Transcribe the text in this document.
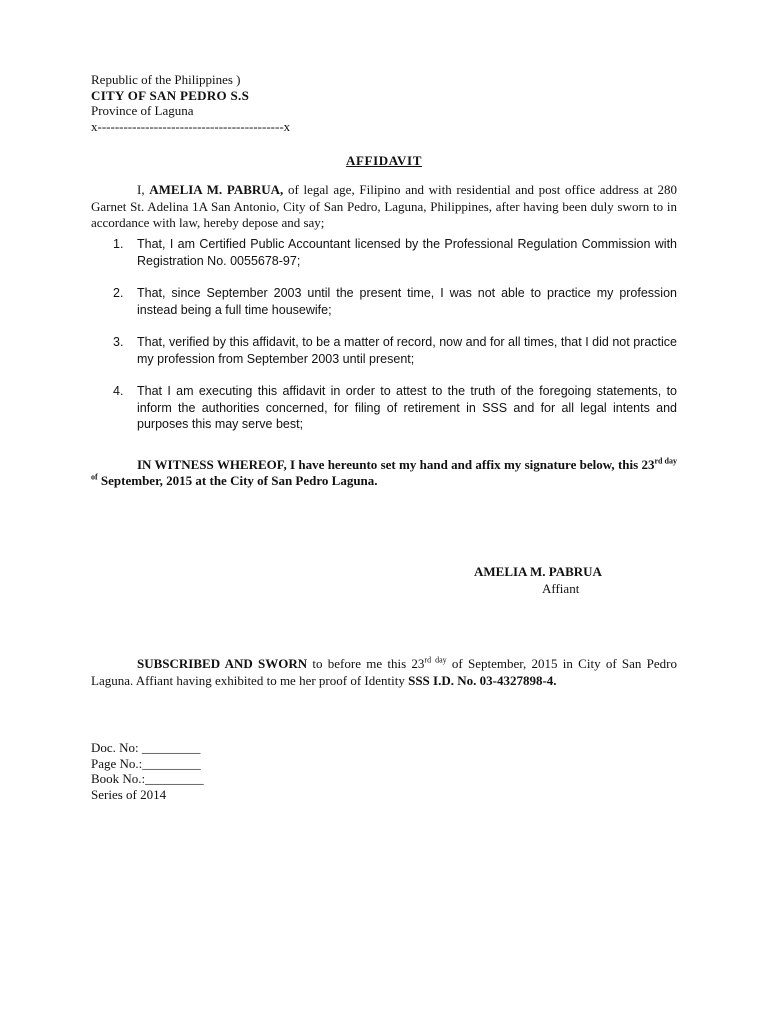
Republic of the Philippines )
CITY OF SAN PEDRO S.S
Province of Laguna
x-------------------------------------------x
AFFIDAVIT
I, AMELIA M. PABRUA, of legal age, Filipino and with residential and post office address at 280 Garnet St. Adelina 1A San Antonio, City of San Pedro, Laguna, Philippines, after having been duly sworn to in accordance with law, hereby depose and say;
1. That, I am Certified Public Accountant licensed by the Professional Regulation Commission with Registration No. 0055678-97;
2. That, since September 2003 until the present time, I was not able to practice my profession instead being a full time housewife;
3. That, verified by this affidavit, to be a matter of record, now and for all times, that I did not practice my profession from September 2003 until present;
4. That I am executing this affidavit in order to attest to the truth of the foregoing statements, to inform the authorities concerned, for filing of retirement in SSS and for all legal intents and purposes this may serve best;
IN WITNESS WHEREOF, I have hereunto set my hand and affix my signature below, this $23^{rd day of}$ September, 2015 at the City of San Pedro Laguna.
AMELIA M. PABRUA
Affiant
SUBSCRIBED AND SWORN to before me this $23^{rd day}$ of September, 2015 in City of San Pedro Laguna. Affiant having exhibited to me her proof of Identity SSS I.D. No. 03-4327898-4.
Doc. No: _________
Page No.:_________
Book No.:_________
Series of 2014
